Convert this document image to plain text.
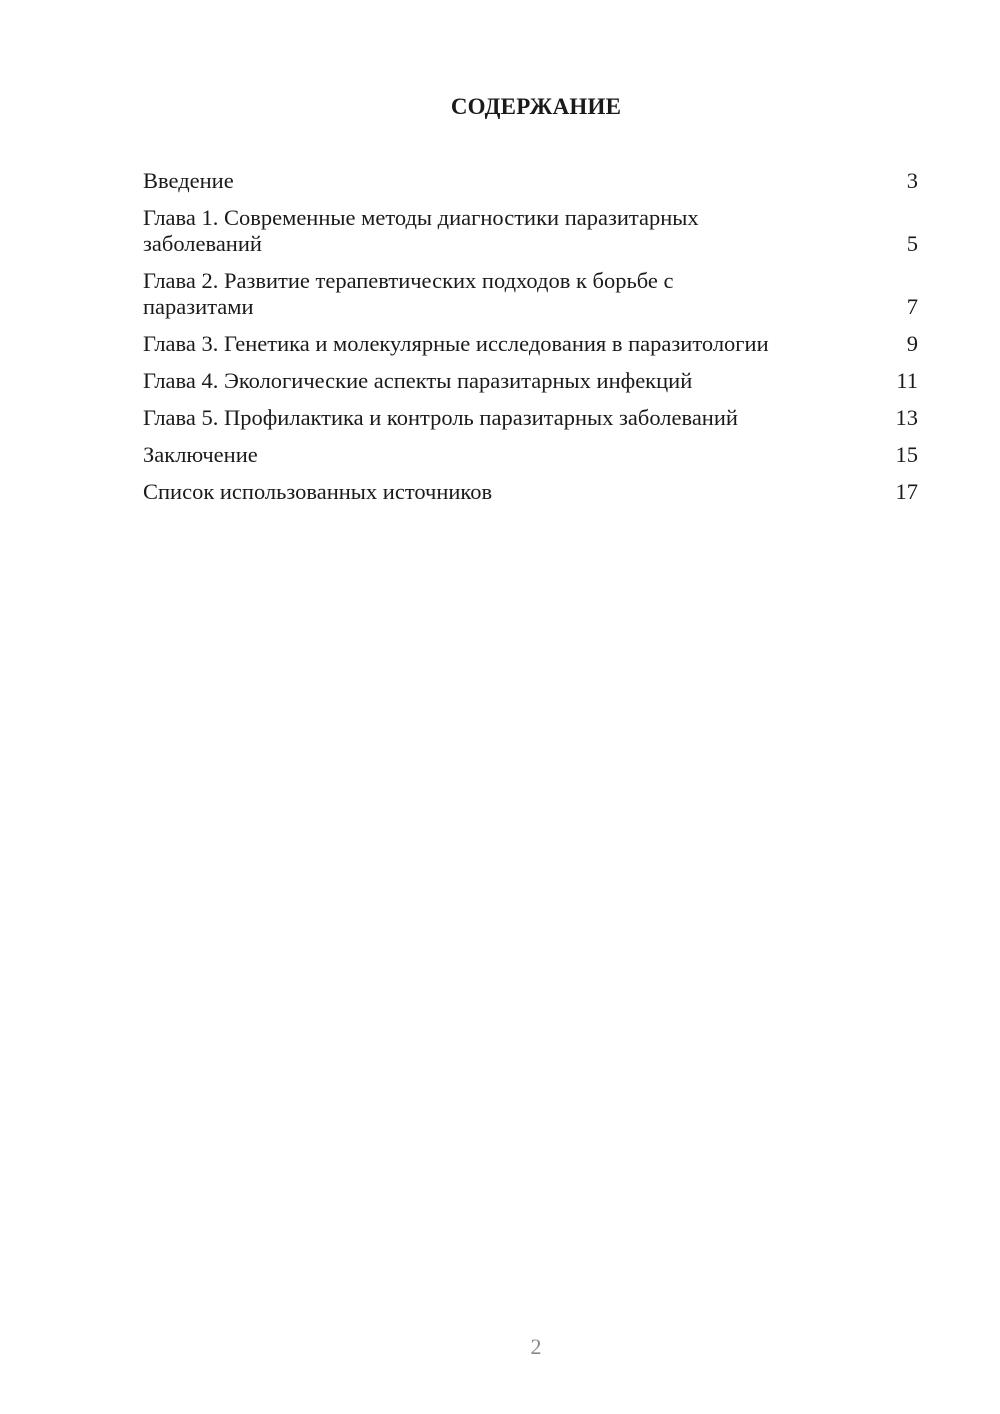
СОДЕРЖАНИЕ
Введение	3
Глава 1. Современные методы диагностики паразитарных заболеваний	5
Глава 2. Развитие терапевтических подходов к борьбе с паразитами	7
Глава 3. Генетика и молекулярные исследования в паразитологии	9
Глава 4. Экологические аспекты паразитарных инфекций	11
Глава 5. Профилактика и контроль паразитарных заболеваний	13
Заключение	15
Список использованных источников	17
2
